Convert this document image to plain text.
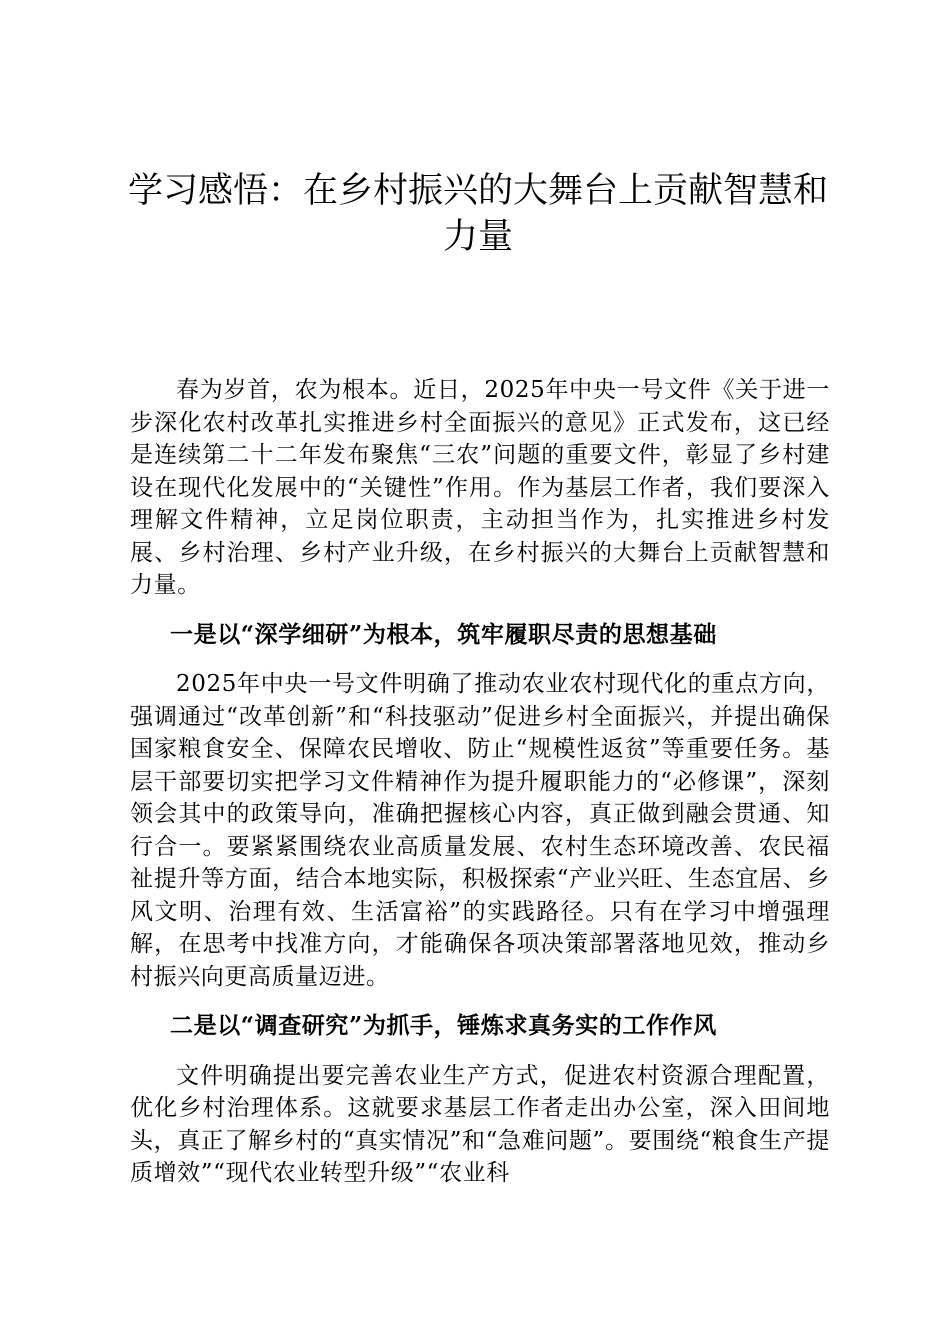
学习感悟：在乡村振兴的大舞台上贡献智慧和力量

春为岁首，农为根本。近日，2025年中央一号文件《关于进一步深化农村改革扎实推进乡村全面振兴的意见》正式发布，这已经是连续第二十二年发布聚焦“三农”问题的重要文件，彰显了乡村建设在现代化发展中的“关键性”作用。作为基层工作者，我们要深入理解文件精神，立足岗位职责，主动担当作为，扎实推进乡村发展、乡村治理、乡村产业升级，在乡村振兴的大舞台上贡献智慧和力量。

一是以“深学细研”为根本，筑牢履职尽责的思想基础

2025年中央一号文件明确了推动农业农村现代化的重点方向，强调通过“改革创新”和“科技驱动”促进乡村全面振兴，并提出确保国家粮食安全、保障农民增收、防止“规模性返贫”等重要任务。基层干部要切实把学习文件精神作为提升履职能力的“必修课”，深刻领会其中的政策导向，准确把握核心内容，真正做到融会贯通、知行合一。要紧紧围绕农业高质量发展、农村生态环境改善、农民福祉提升等方面，结合本地实际，积极探索“产业兴旺、生态宜居、乡风文明、治理有效、生活富裕”的实践路径。只有在学习中增强理解，在思考中找准方向，才能确保各项决策部署落地见效，推动乡村振兴向更高质量迈进。

二是以“调查研究”为抓手，锤炼求真务实的工作作风

文件明确提出要完善农业生产方式，促进农村资源合理配置，优化乡村治理体系。这就要求基层工作者走出办公室，深入田间地头，真正了解乡村的“真实情况”和“急难问题”。要围绕“粮食生产提质增效”“现代农业转型升级”“农业科
